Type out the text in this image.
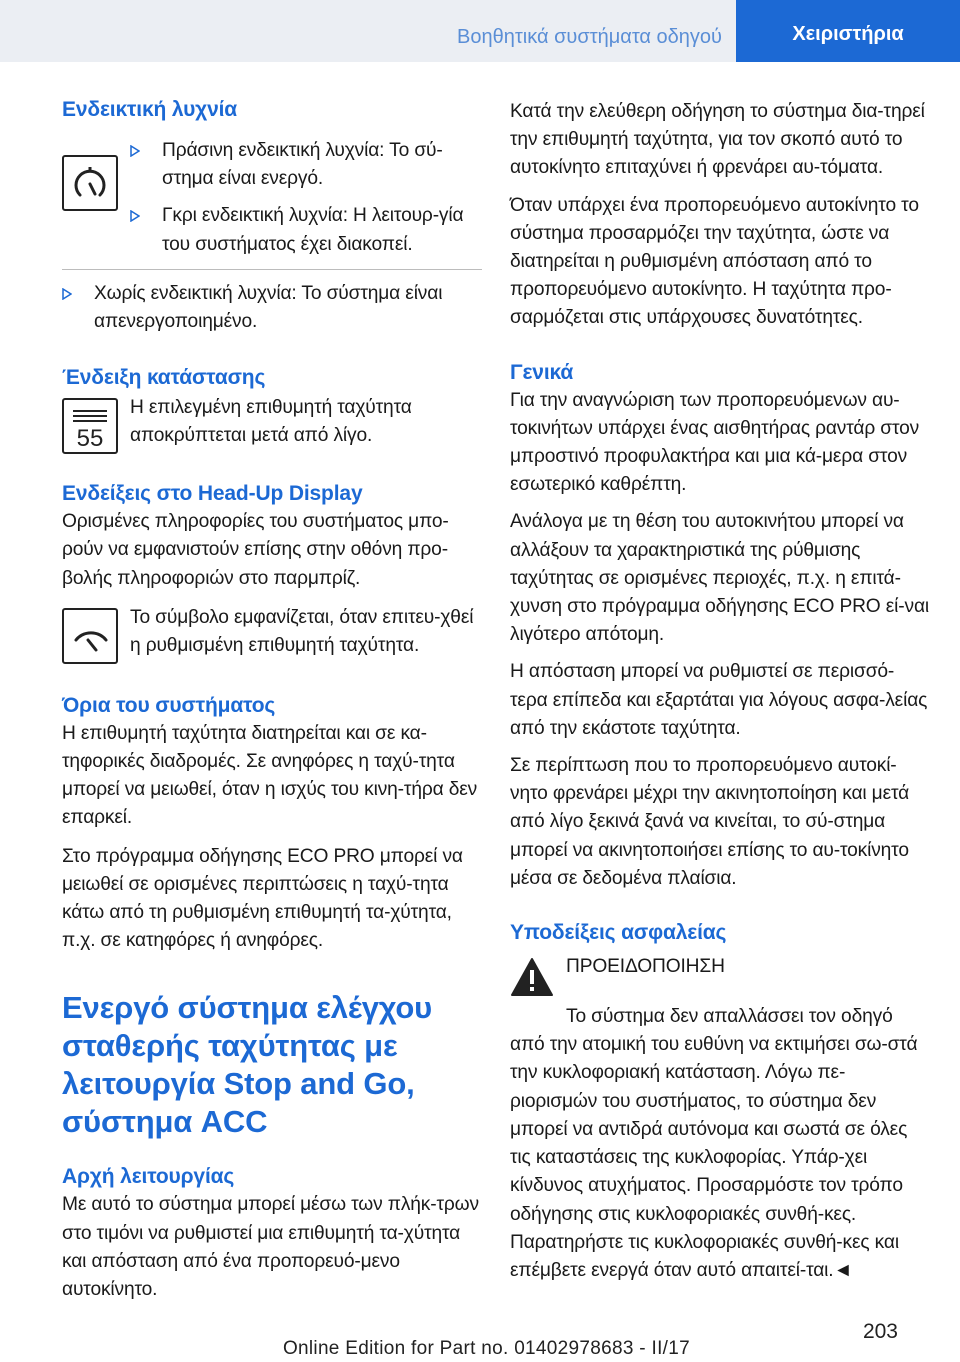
Βοηθητικά συστήματα οδηγού	Χειριστήρια

Ενδεικτική λυχνία

Πράσινη ενδεικτική λυχνία: Το σύ-στημα είναι ενεργό.
Γκρι ενδεικτική λυχνία: Η λειτουρ-γία του συστήματος έχει διακοπεί.
Χωρίς ενδεικτική λυχνία: Το σύστημα είναι απενεργοποιημένο.

Ένδειξη κατάστασης

55

Η επιλεγμένη επιθυμητή ταχύτητα αποκρύπτεται μετά από λίγο.

Ενδείξεις στο Head-Up Display

Ορισμένες πληροφορίες του συστήματος μπο-ρούν να εμφανιστούν επίσης στην οθόνη προ-βολής πληροφοριών στο παρμπρίζ.

Το σύμβολο εμφανίζεται, όταν επιτευ-χθεί η ρυθμισμένη επιθυμητή ταχύτητα.

Όρια του συστήματος

Η επιθυμητή ταχύτητα διατηρείται και σε κα-τηφορικές διαδρομές. Σε ανηφόρες η ταχύ-τητα μπορεί να μειωθεί, όταν η ισχύς του κινη-τήρα δεν επαρκεί.

Στο πρόγραμμα οδήγησης ECO PRO μπορεί να μειωθεί σε ορισμένες περιπτώσεις η ταχύ-τητα κάτω από τη ρυθμισμένη επιθυμητή τα-χύτητα, π.χ. σε κατηφόρες ή ανηφόρες.

Ενεργό σύστημα ελέγχου

σταθερής ταχύτητας με

λειτουργία Stop and Go,

σύστημα ACC

Αρχή λειτουργίας

Με αυτό το σύστημα μπορεί μέσω των πλήκ-τρων στο τιμόνι να ρυθμιστεί μια επιθυμητή τα-χύτητα και απόσταση από ένα προπορευό-μενο αυτοκίνητο.

Κατά την ελεύθερη οδήγηση το σύστημα δια-τηρεί την επιθυμητή ταχύτητα, για τον σκοπό αυτό το αυτοκίνητο επιταχύνει ή φρενάρει αυ-τόματα.

Όταν υπάρχει ένα προπορευόμενο αυτοκίνητο το σύστημα προσαρμόζει την ταχύτητα, ώστε να διατηρείται η ρυθμισμένη απόσταση από το προπορευόμενο αυτοκίνητο. Η ταχύτητα προ-σαρμόζεται στις υπάρχουσες δυνατότητες.

Γενικά

Για την αναγνώριση των προπορευόμενων αυ-τοκινήτων υπάρχει ένας αισθητήρας ραντάρ στον μπροστινό προφυλακτήρα και μια κά-μερα στον εσωτερικό καθρέπτη.

Ανάλογα με τη θέση του αυτοκινήτου μπορεί να αλλάξουν τα χαρακτηριστικά της ρύθμισης ταχύτητας σε ορισμένες περιοχές, π.χ. η επιτά-χυνση στο πρόγραμμα οδήγησης ECO PRO εί-ναι λιγότερο απότομη.

Η απόσταση μπορεί να ρυθμιστεί σε περισσό-τερα επίπεδα και εξαρτάται για λόγους ασφα-λείας από την εκάστοτε ταχύτητα.

Σε περίπτωση που το προπορευόμενο αυτοκί-νητο φρενάρει μέχρι την ακινητοποίηση και μετά από λίγο ξεκινά ξανά να κινείται, το σύ-στημα μπορεί να ακινητοποιήσει επίσης το αυ-τοκίνητο μέσα σε δεδομένα πλαίσια.

Υποδείξεις ασφαλείας

ΠΡΟΕΙΔΟΠΟΙΗΣΗ

Το σύστημα δεν απαλλάσσει τον οδηγό από την ατομική του ευθύνη να εκτιμήσει σω-στά την κυκλοφοριακή κατάσταση. Λόγω πε-ριορισμών του συστήματος, το σύστημα δεν μπορεί να αντιδρά αυτόνομα και σωστά σε όλες τις καταστάσεις της κυκλοφορίας. Υπάρ-χει κίνδυνος ατυχήματος. Προσαρμόστε τον τρόπο οδήγησης στις κυκλοφοριακές συνθή-κες. Παρατηρήστε τις κυκλοφοριακές συνθή-κες και επέμβετε ενεργά όταν αυτό απαιτεί-ται.◄

203
Online Edition for Part no. 01402978683 - II/17
